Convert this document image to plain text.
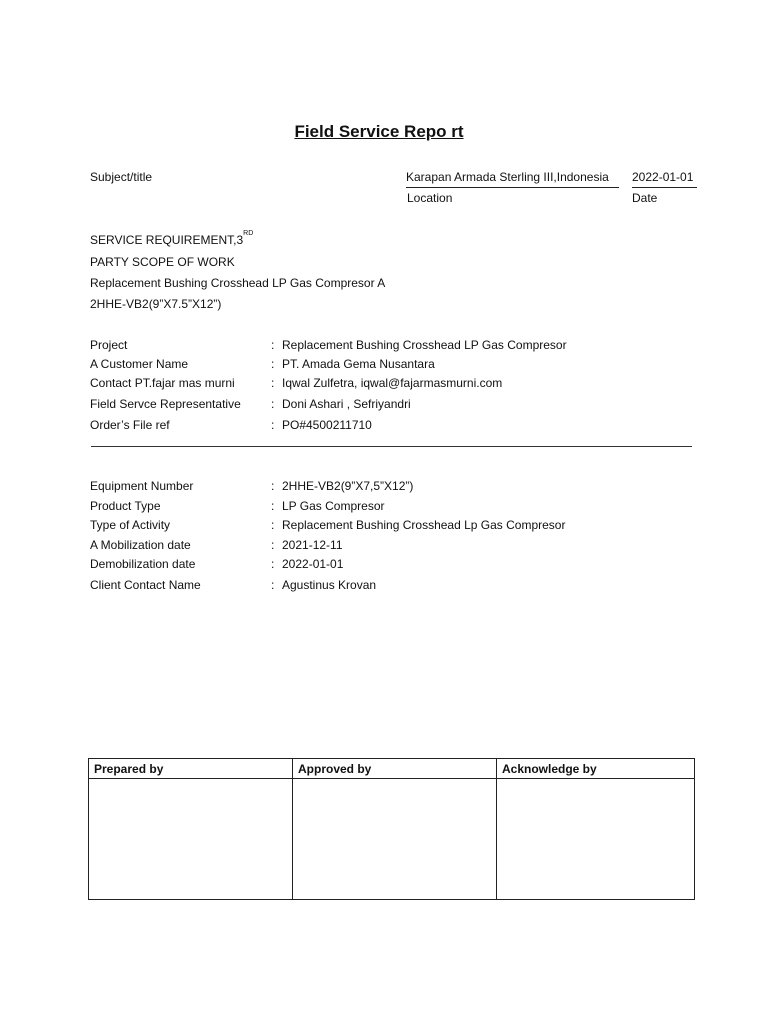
Field Service Repo rt
Subject/title	Karapan Armada Sterling III,Indonesia	2022-01-01
Location	Date
SERVICE REQUIREMENT,3RD
PARTY SCOPE OF WORK
Replacement Bushing Crosshead LP Gas Compresor A
2HHE-VB2(9”X7.5”X12”)
Project	: Replacement Bushing Crosshead LP Gas Compresor
A Customer Name	: PT. Amada Gema Nusantara
Contact PT.fajar mas murni	: Iqwal Zulfetra, iqwal@fajarmasmurni.com
Field Servce Representative	: Doni Ashari , Sefriyandri
Order’s File ref	: PO#4500211710
Equipment Number	: 2HHE-VB2(9”X7,5”X12”)
Product Type	: LP Gas Compresor
Type of Activity	: Replacement Bushing Crosshead Lp Gas Compresor
A Mobilization date	: 2021-12-11
Demobilization date	: 2022-01-01
Client Contact Name	: Agustinus Krovan
Prepared by	Approved by	Acknowledge by
